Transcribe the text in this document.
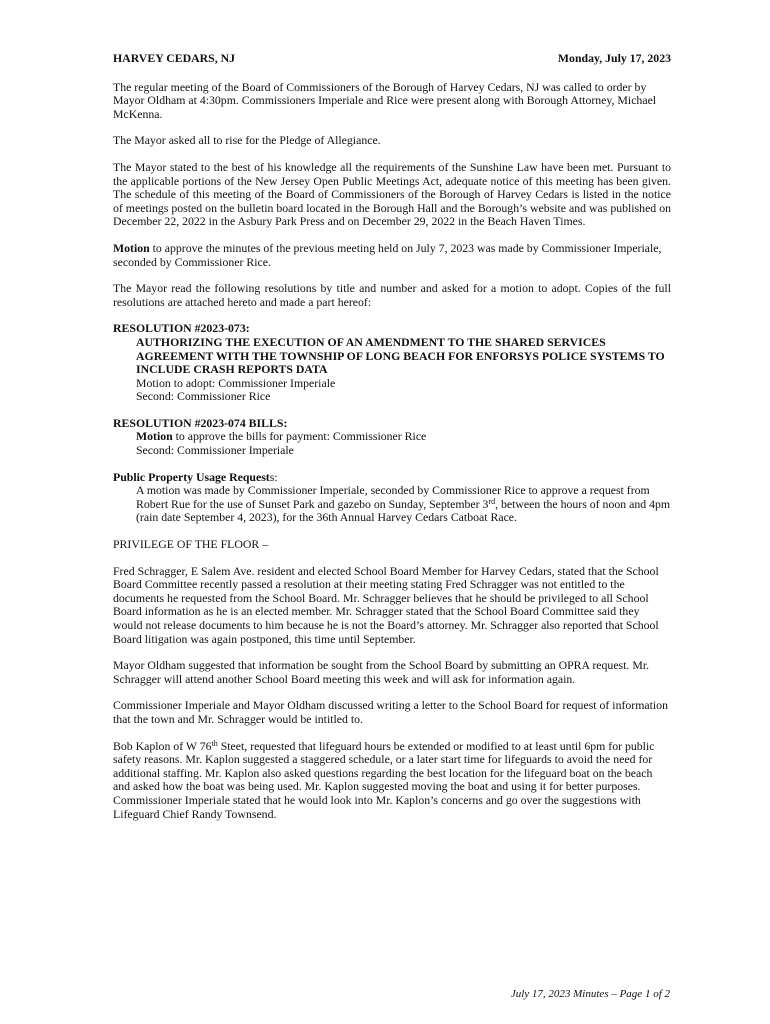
HARVEY CEDARS, NJ	Monday, July 17, 2023

The regular meeting of the Board of Commissioners of the Borough of Harvey Cedars, NJ was called to order by Mayor Oldham at 4:30pm. Commissioners Imperiale and Rice were present along with Borough Attorney, Michael McKenna.

The Mayor asked all to rise for the Pledge of Allegiance.

The Mayor stated to the best of his knowledge all the requirements of the Sunshine Law have been met. Pursuant to the applicable portions of the New Jersey Open Public Meetings Act, adequate notice of this meeting has been given. The schedule of this meeting of the Board of Commissioners of the Borough of Harvey Cedars is listed in the notice of meetings posted on the bulletin board located in the Borough Hall and the Borough’s website and was published on December 22, 2022 in the Asbury Park Press and on December 29, 2022 in the Beach Haven Times.

Motion to approve the minutes of the previous meeting held on July 7, 2023 was made by Commissioner Imperiale, seconded by Commissioner Rice.

The Mayor read the following resolutions by title and number and asked for a motion to adopt. Copies of the full resolutions are attached hereto and made a part hereof:

RESOLUTION #2023-073:
AUTHORIZING THE EXECUTION OF AN AMENDMENT TO THE SHARED SERVICES AGREEMENT WITH THE TOWNSHIP OF LONG BEACH FOR ENFORSYS POLICE SYSTEMS TO INCLUDE CRASH REPORTS DATA
Motion to adopt: Commissioner Imperiale
Second: Commissioner Rice
RESOLUTION #2023-074 BILLS:
Motion to approve the bills for payment: Commissioner Rice
Second: Commissioner Imperiale
Public Property Usage Requests:
A motion was made by Commissioner Imperiale, seconded by Commissioner Rice to approve a request from Robert Rue for the use of Sunset Park and gazebo on Sunday, September 3rd, between the hours of noon and 4pm (rain date September 4, 2023), for the 36th Annual Harvey Cedars Catboat Race.

PRIVILEGE OF THE FLOOR –

Fred Schragger, E Salem Ave. resident and elected School Board Member for Harvey Cedars, stated that the School Board Committee recently passed a resolution at their meeting stating Fred Schragger was not entitled to the documents he requested from the School Board. Mr. Schragger believes that he should be privileged to all School Board information as he is an elected member. Mr. Schragger stated that the School Board Committee said they would not release documents to him because he is not the Board’s attorney. Mr. Schragger also reported that School Board litigation was again postponed, this time until September.

Mayor Oldham suggested that information be sought from the School Board by submitting an OPRA request. Mr. Schragger will attend another School Board meeting this week and will ask for information again.

Commissioner Imperiale and Mayor Oldham discussed writing a letter to the School Board for request of information that the town and Mr. Schragger would be intitled to.

Bob Kaplon of W 76th Steet, requested that lifeguard hours be extended or modified to at least until 6pm for public safety reasons. Mr. Kaplon suggested a staggered schedule, or a later start time for lifeguards to avoid the need for additional staffing. Mr. Kaplon also asked questions regarding the best location for the lifeguard boat on the beach and asked how the boat was being used. Mr. Kaplon suggested moving the boat and using it for better purposes. Commissioner Imperiale stated that he would look into Mr. Kaplon’s concerns and go over the suggestions with Lifeguard Chief Randy Townsend.

July 17, 2023 Minutes – Page 1 of 2
